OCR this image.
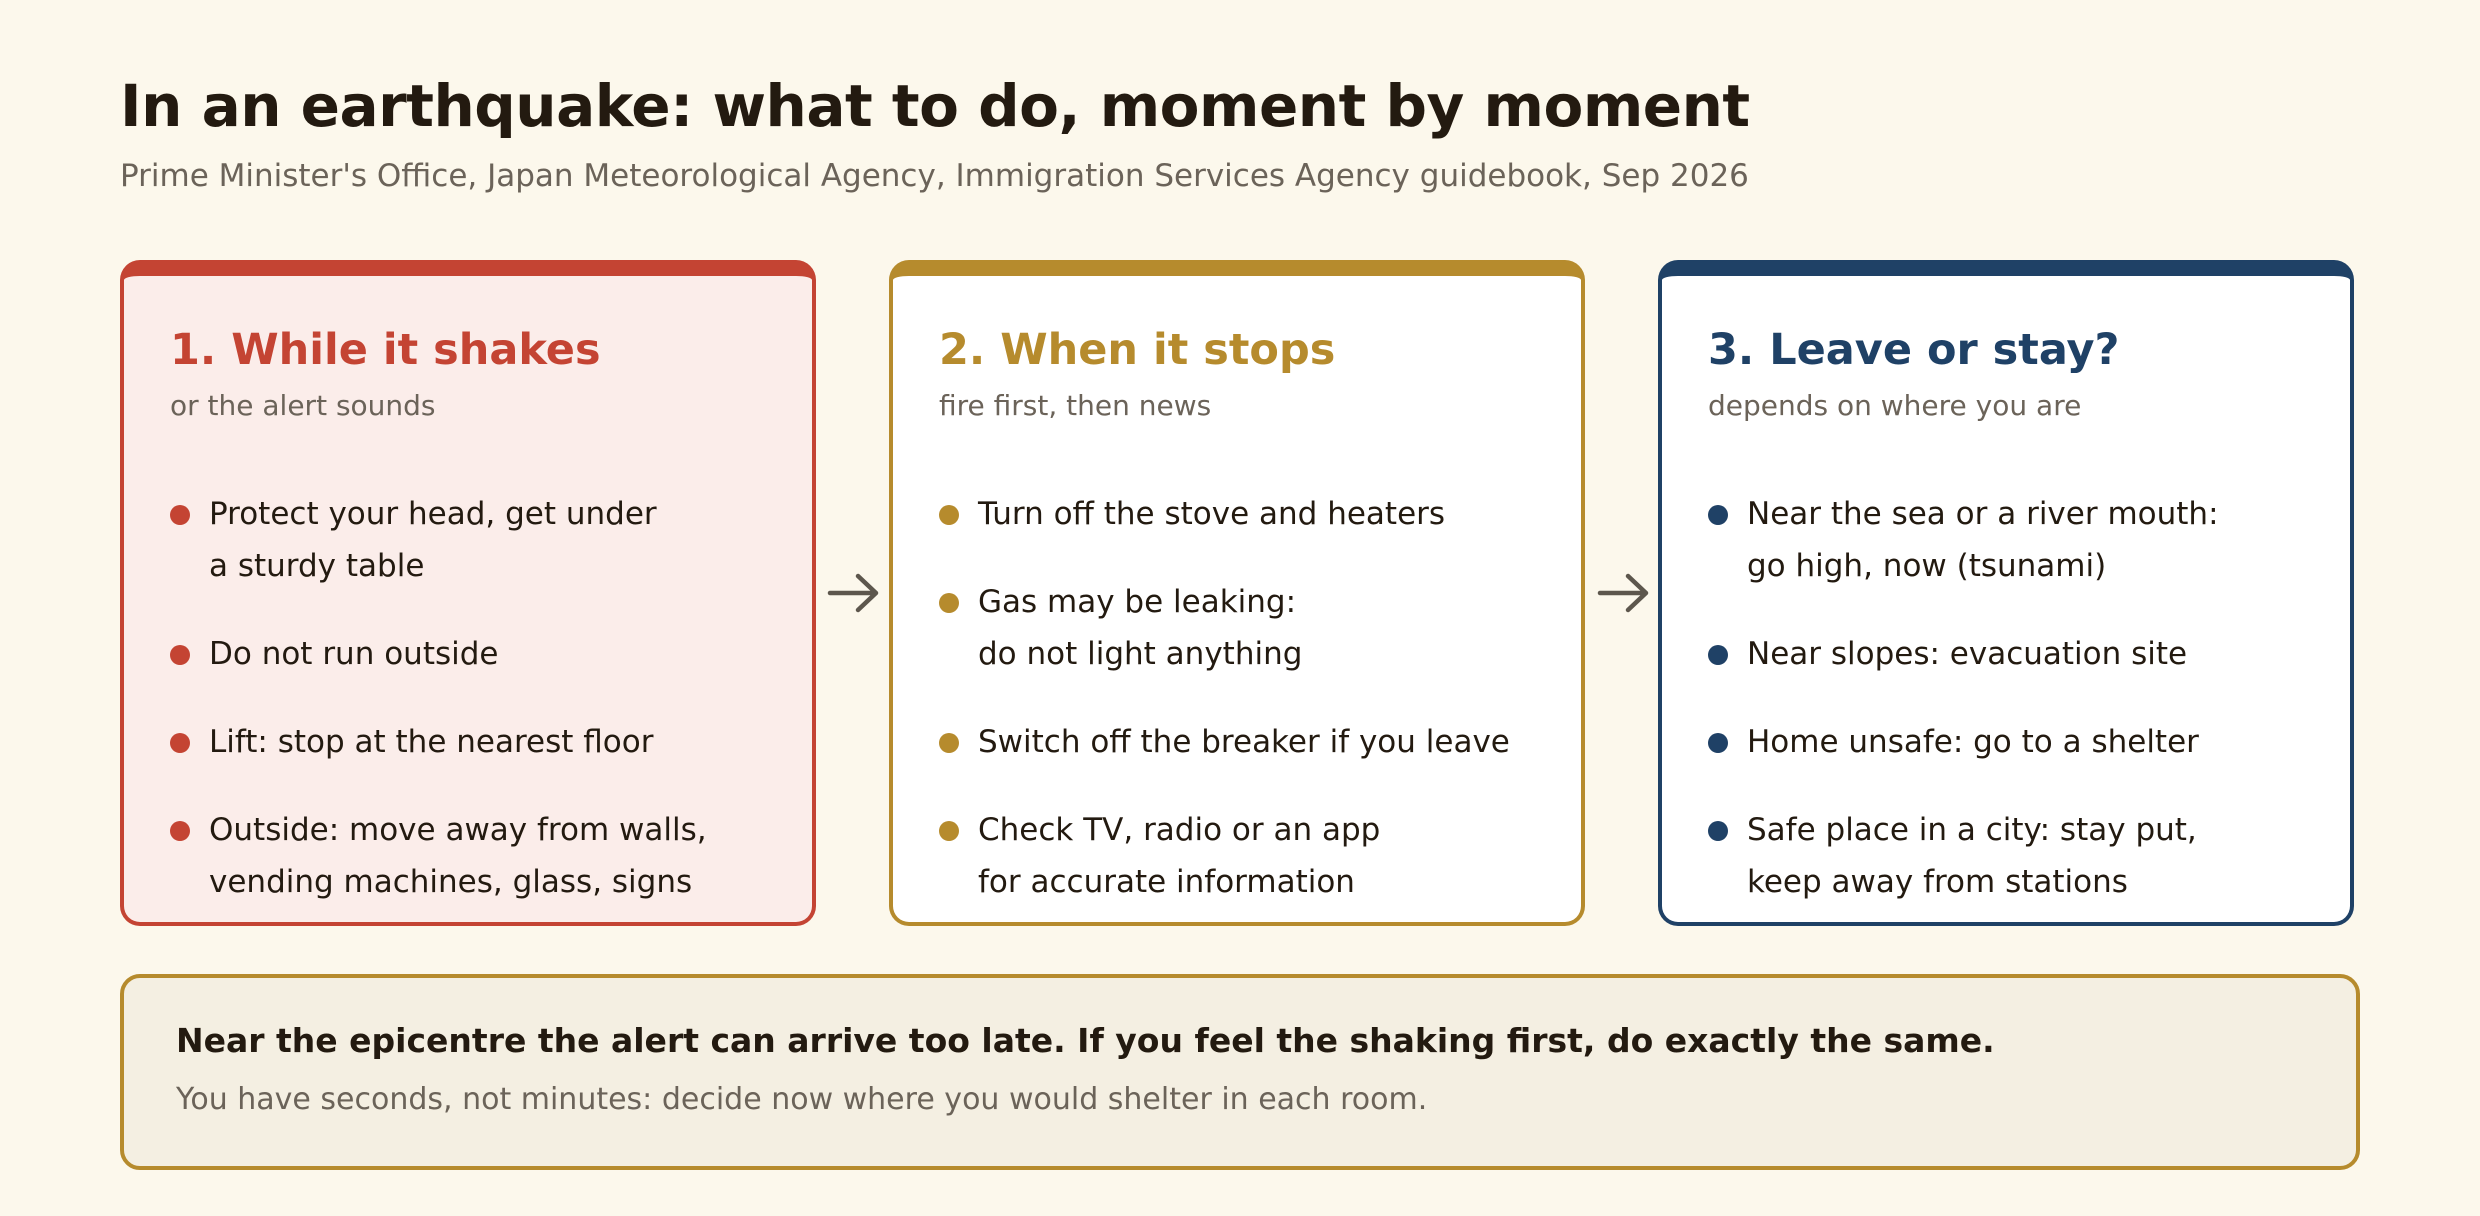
In an earthquake: what to do, moment by moment

Prime Minister's Office, Japan Meteorological Agency, Immigration Services Agency guidebook, Sep 2026

1. While it shakes

or the alert sounds

Protect your head, get under
a sturdy table
Do not run outside
Lift: stop at the nearest floor
Outside: move away from walls,
vending machines, glass, signs
2. When it stops

fire first, then news

Turn off the stove and heaters
Gas may be leaking:
do not light anything
Switch off the breaker if you leave
Check TV, radio or an app
for accurate information
3. Leave or stay?

depends on where you are

Near the sea or a river mouth:
go high, now (tsunami)
Near slopes: evacuation site
Home unsafe: go to a shelter
Safe place in a city: stay put,
keep away from stations

Near the epicentre the alert can arrive too late. If you feel the shaking first, do exactly the same.

You have seconds, not minutes: decide now where you would shelter in each room.
